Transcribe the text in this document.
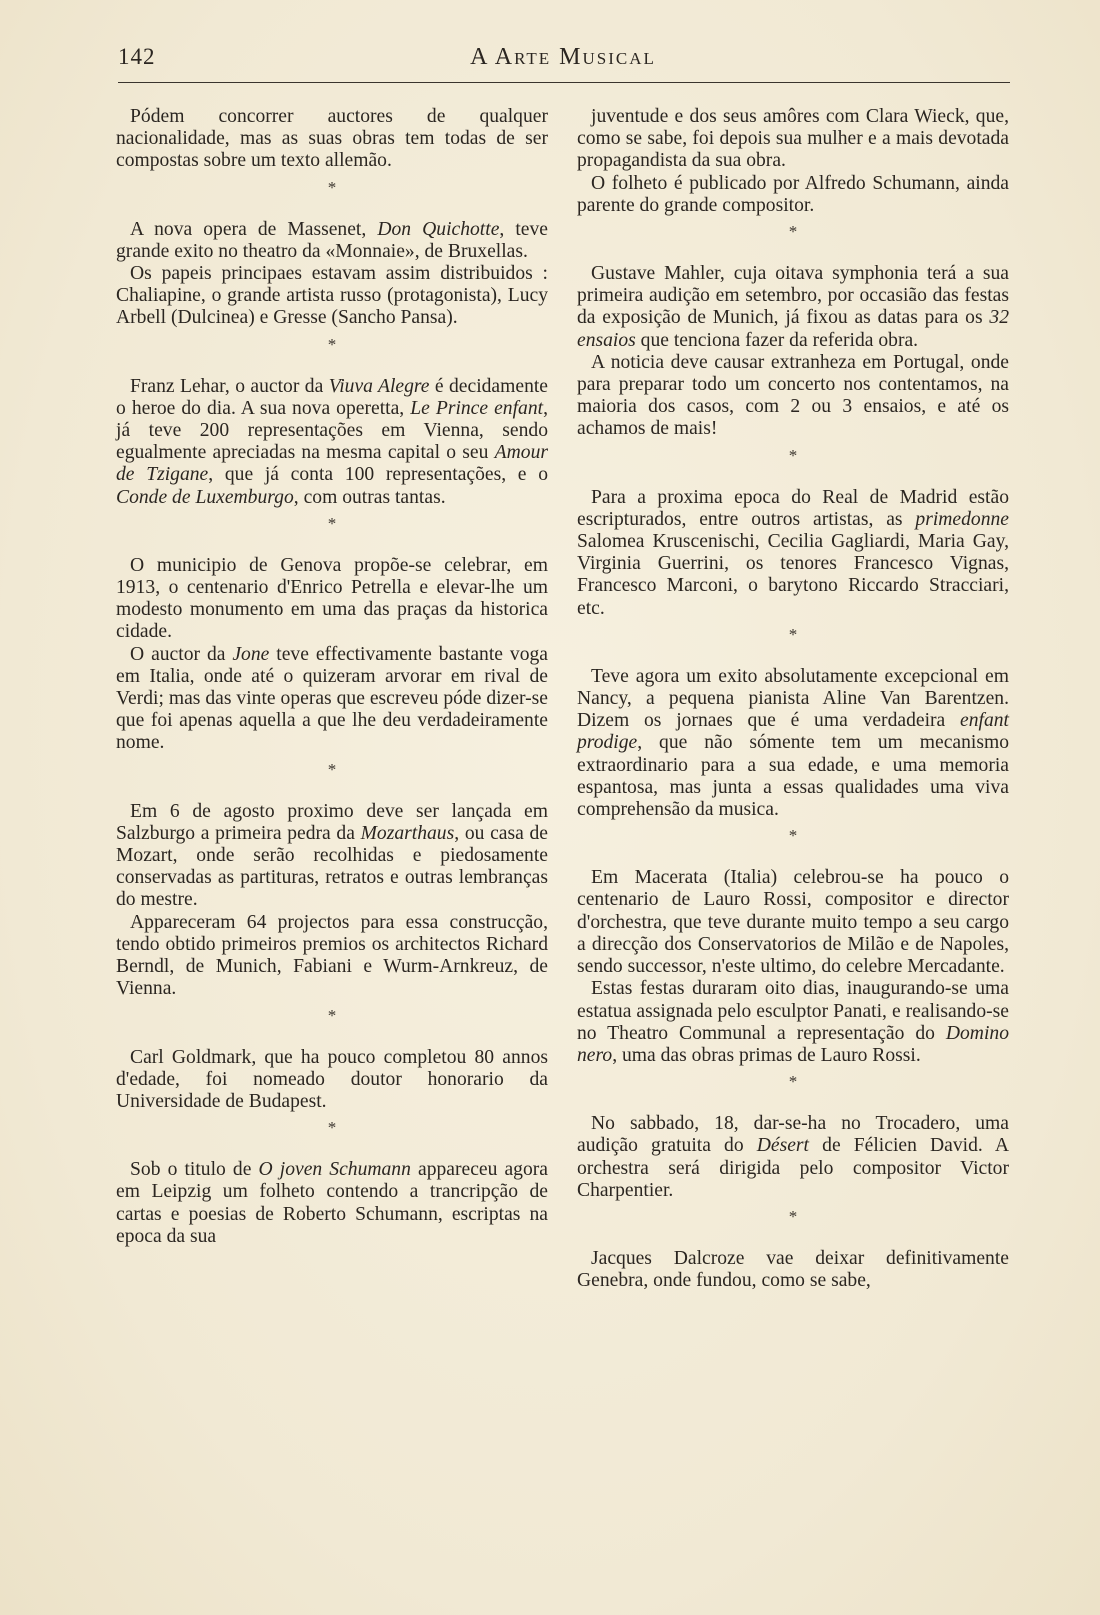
142	A Arte Musical

Pódem concorrer auctores de qualquer nacionalidade, mas as suas obras tem todas de ser compostas sobre um texto allemão.

*

A nova opera de Massenet, Don Quichotte, teve grande exito no theatro da «Monnaie», de Bruxellas.

Os papeis principaes estavam assim distribuidos : Chaliapine, o grande artista russo (protagonista), Lucy Arbell (Dulcinea) e Gresse (Sancho Pansa).

*

Franz Lehar, o auctor da Viuva Alegre é decidamente o heroe do dia. A sua nova operetta, Le Prince enfant, já teve 200 representações em Vienna, sendo egualmente apreciadas na mesma capital o seu Amour de Tzigane, que já conta 100 representações, e o Conde de Luxemburgo, com outras tantas.

*

O municipio de Genova propõe-se celebrar, em 1913, o centenario d'Enrico Petrella e elevar-lhe um modesto monumento em uma das praças da historica cidade.

O auctor da Jone teve effectivamente bastante voga em Italia, onde até o quizeram arvorar em rival de Verdi; mas das vinte operas que escreveu póde dizer-se que foi apenas aquella a que lhe deu verdadeiramente nome.

*

Em 6 de agosto proximo deve ser lançada em Salzburgo a primeira pedra da Mozarthaus, ou casa de Mozart, onde serão recolhidas e piedosamente conservadas as partituras, retratos e outras lembranças do mestre.

Appareceram 64 projectos para essa construcção, tendo obtido primeiros premios os architectos Richard Berndl, de Munich, Fabiani e Wurm-Arnkreuz, de Vienna.

*

Carl Goldmark, que ha pouco completou 80 annos d'edade, foi nomeado doutor honorario da Universidade de Budapest.

*

Sob o titulo de O joven Schumann appareceu agora em Leipzig um folheto contendo a trancripção de cartas e poesias de Roberto Schumann, escriptas na epoca da sua

juventude e dos seus amôres com Clara Wieck, que, como se sabe, foi depois sua mulher e a mais devotada propagandista da sua obra.

O folheto é publicado por Alfredo Schumann, ainda parente do grande compositor.

*

Gustave Mahler, cuja oitava symphonia terá a sua primeira audição em setembro, por occasião das festas da exposição de Munich, já fixou as datas para os 32 ensaios que tenciona fazer da referida obra.

A noticia deve causar extranheza em Portugal, onde para preparar todo um concerto nos contentamos, na maioria dos casos, com 2 ou 3 ensaios, e até os achamos de mais!

*

Para a proxima epoca do Real de Madrid estão escripturados, entre outros artistas, as primedonne Salomea Kruscenischi, Cecilia Gagliardi, Maria Gay, Virginia Guerrini, os tenores Francesco Vignas, Francesco Marconi, o barytono Riccardo Stracciari, etc.

*

Teve agora um exito absolutamente excepcional em Nancy, a pequena pianista Aline Van Barentzen. Dizem os jornaes que é uma verdadeira enfant prodige, que não sómente tem um mecanismo extraordinario para a sua edade, e uma memoria espantosa, mas junta a essas qualidades uma viva comprehensão da musica.

*

Em Macerata (Italia) celebrou-se ha pouco o centenario de Lauro Rossi, compositor e director d'orchestra, que teve durante muito tempo a seu cargo a direcção dos Conservatorios de Milão e de Napoles, sendo successor, n'este ultimo, do celebre Mercadante.

Estas festas duraram oito dias, inaugurando-se uma estatua assignada pelo esculptor Panati, e realisando-se no Theatro Communal a representação do Domino nero, uma das obras primas de Lauro Rossi.

*

No sabbado, 18, dar-se-ha no Trocadero, uma audição gratuita do Désert de Félicien David. A orchestra será dirigida pelo compositor Victor Charpentier.

*

Jacques Dalcroze vae deixar definitivamente Genebra, onde fundou, como se sabe,
